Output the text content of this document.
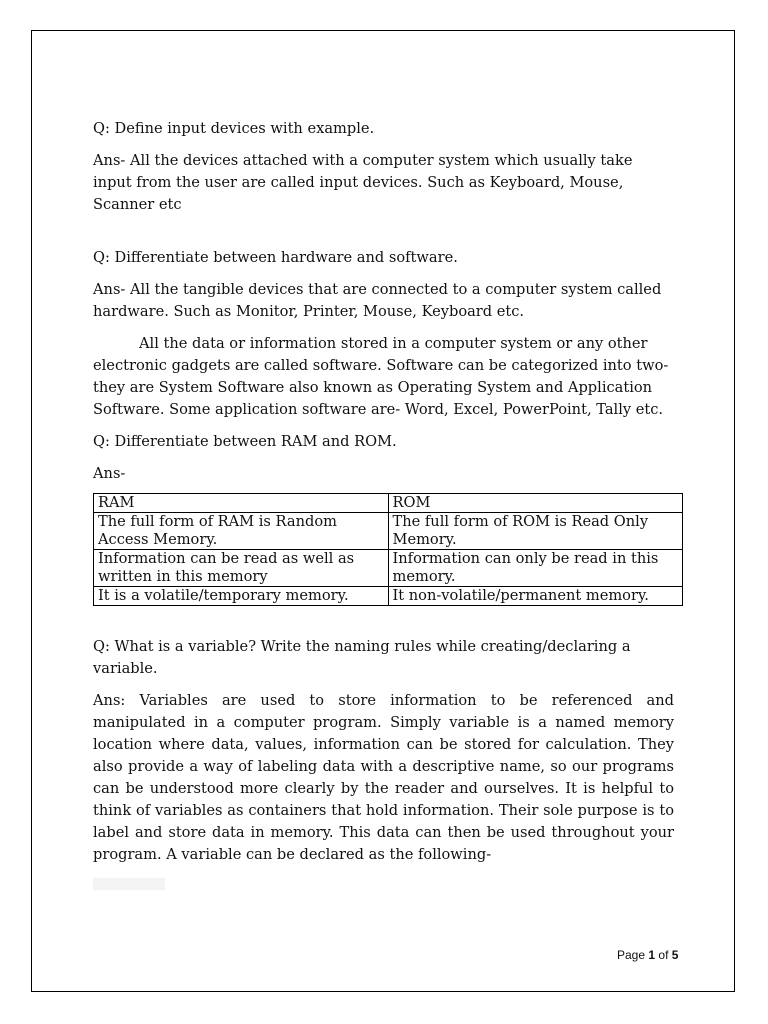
Q: Define input devices with example.

Ans- All the devices attached with a computer system which usually take input from the user are called input devices. Such as Keyboard, Mouse, Scanner etc

Q: Differentiate between hardware and software.

Ans- All the tangible devices that are connected to a computer system called hardware. Such as Monitor, Printer, Mouse, Keyboard etc.

All the data or information stored in a computer system or any other electronic gadgets are called software. Software can be categorized into two- they are System Software also known as Operating System and Application Software. Some application software are- Word, Excel, PowerPoint, Tally etc.

Q: Differentiate between RAM and ROM.

Ans-

RAM	ROM
The full form of RAM is Random Access Memory.	The full form of ROM is Read Only Memory.
Information can be read as well as written in this memory	Information can only be read in this memory.
It is a volatile/temporary memory.	It non-volatile/permanent memory.

Q: What is a variable? Write the naming rules while creating/declaring a variable.

Ans: Variables are used to store information to be referenced and manipulated in a computer program. Simply variable is a named memory location where data, values, information can be stored for calculation. They also provide a way of labeling data with a descriptive name, so our programs can be understood more clearly by the reader and ourselves. It is helpful to think of variables as containers that hold information. Their sole purpose is to label and store data in memory. This data can then be used throughout your program. A variable can be declared as the following-

Page 1 of 5
